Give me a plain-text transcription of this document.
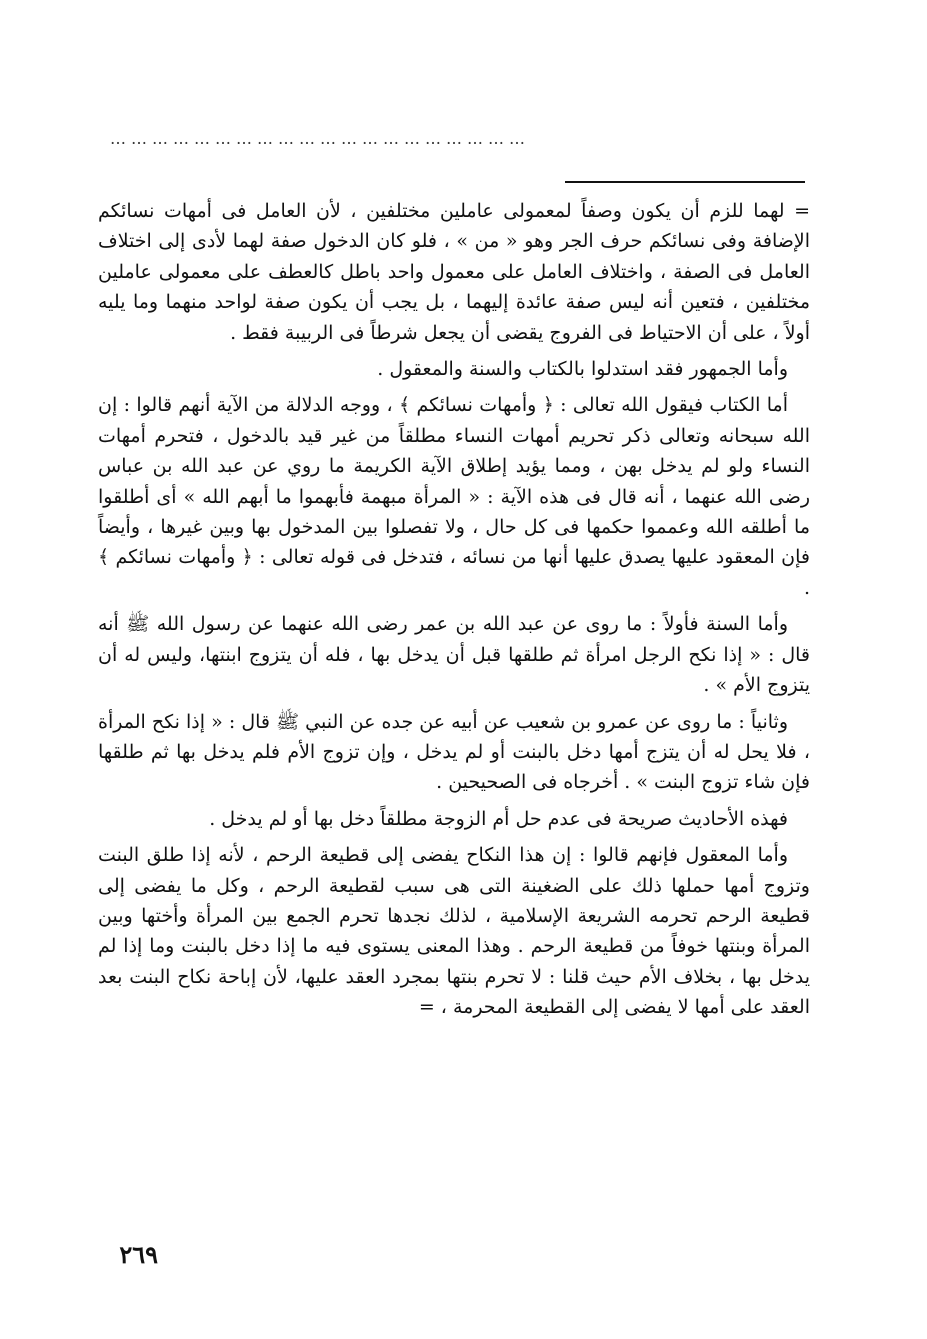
……………………………………………………

= لهما للزم أن يكون وصفاً لمعمولى عاملين مختلفين ، لأن العامل فى أمهات نسائكم الإضافة وفى نسائكم حرف الجر وهو « من » ، فلو كان الدخول صفة لهما لأدى إلى اختلاف العامل فى الصفة ، واختلاف العامل على معمول واحد باطل كالعطف على معمولى عاملين مختلفين ، فتعين أنه ليس صفة عائدة إليهما ، بل يجب أن يكون صفة لواحد منهما وما يليه أولاً ، على أن الاحتياط فى الفروج يقضى أن يجعل شرطاً فى الربيبة فقط .

وأما الجمهور فقد استدلوا بالكتاب والسنة والمعقول .

أما الكتاب فيقول الله تعالى : ﴿ وأمهات نسائكم ﴾ ، ووجه الدلالة من الآية أنهم قالوا : إن الله سبحانه وتعالى ذكر تحريم أمهات النساء مطلقاً من غير قيد بالدخول ، فتحرم أمهات النساء ولو لم يدخل بهن ، ومما يؤيد إطلاق الآية الكريمة ما روي عن عبد الله بن عباس رضى الله عنهما ، أنه قال فى هذه الآية : « المرأة مبهمة فأبهموا ما أبهم الله » أى أطلقوا ما أطلقه الله وعمموا حكمها فى كل حال ، ولا تفصلوا بين المدخول بها وبين غيرها ، وأيضاً فإن المعقود عليها يصدق عليها أنها من نسائه ، فتدخل فى قوله تعالى : ﴿ وأمهات نسائكم ﴾ .

وأما السنة فأولاً : ما روى عن عبد الله بن عمر رضى الله عنهما عن رسول الله ﷺ أنه قال : « إذا نكح الرجل امرأة ثم طلقها قبل أن يدخل بها ، فله أن يتزوج ابنتها، وليس له أن يتزوج الأم » .

وثانياً : ما روى عن عمرو بن شعيب عن أبيه عن جده عن النبي ﷺ قال : « إذا نكح المرأة ، فلا يحل له أن يتزج أمها دخل بالبنت أو لم يدخل ، وإن تزوج الأم فلم يدخل بها ثم طلقها فإن شاء تزوج البنت » . أخرجاه فى الصحيحين .

فهذه الأحاديث صريحة فى عدم حل أم الزوجة مطلقاً دخل بها أو لم يدخل .

وأما المعقول فإنهم قالوا : إن هذا النكاح يفضى إلى قطيعة الرحم ، لأنه إذا طلق البنت وتزوج أمها حملها ذلك على الضغينة التى هى سبب لقطيعة الرحم ، وكل ما يفضى إلى قطيعة الرحم تحرمه الشريعة الإسلامية ، لذلك نجدها تحرم الجمع بين المرأة وأختها وبين المرأة وبنتها خوفاً من قطيعة الرحم . وهذا المعنى يستوى فيه ما إذا دخل بالبنت وما إذا لم يدخل بها ، بخلاف الأم حيث قلنا : لا تحرم بنتها بمجرد العقد عليها، لأن إباحة نكاح البنت بعد العقد على أمها لا يفضى إلى القطيعة المحرمة ، =

٢٦٩
